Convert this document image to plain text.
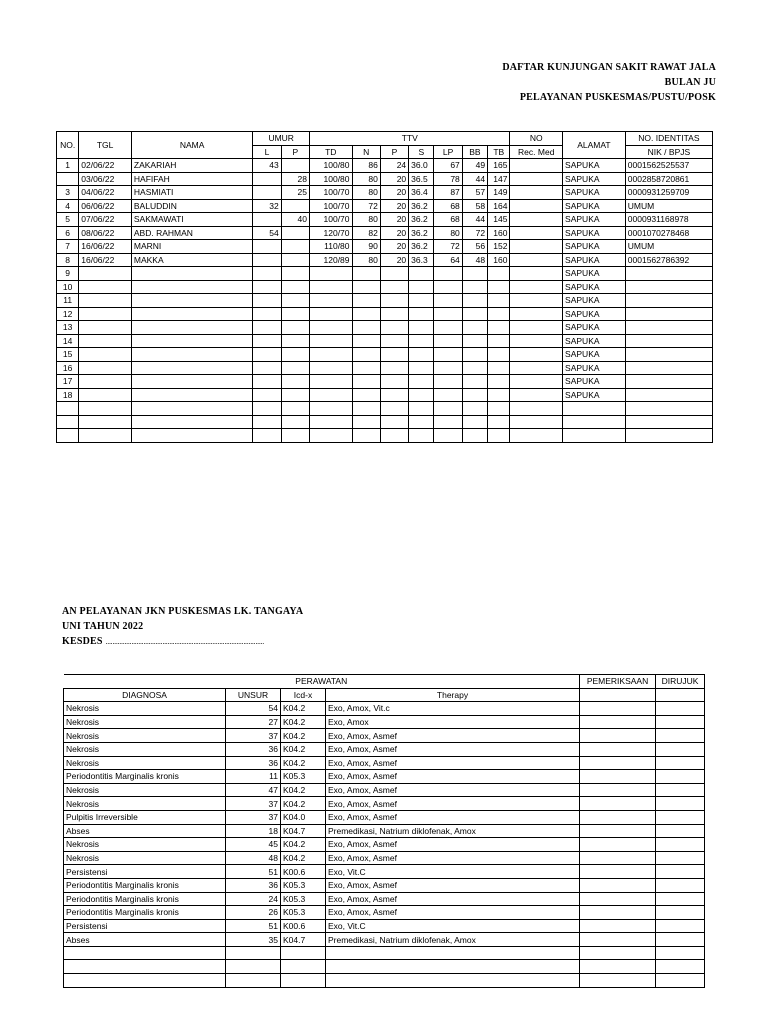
DAFTAR KUNJUNGAN SAKIT RAWAT JALA
BULAN JU
PELAYANAN PUSKESMAS/PUSTU/POSK
NO.	TGL	NAMA	UMUR		TTV							NO	ALAMAT	NO. IDENTITAS
			L	P	TD	N	P	S	LP	BB	TB	Rec. Med		NIK / BPJS
1	02/06/22	ZAKARIAH	43		100/80	86	24	36.0	67	49	165		SAPUKA	0001562525537
	03/06/22	HAFIFAH		28	100/80	80	20	36.5	78	44	147		SAPUKA	0002858720861
3	04/06/22	HASMIATI		25	100/70	80	20	36.4	87	57	149		SAPUKA	0000931259709
4	06/06/22	BALUDDIN	32		100/70	72	20	36.2	68	58	164		SAPUKA	UMUM
5	07/06/22	SAKMAWATI		40	100/70	80	20	36.2	68	44	145		SAPUKA	0000931168978
6	08/06/22	ABD. RAHMAN	54		120/70	82	20	36.2	80	72	160		SAPUKA	0001070278468
7	16/06/22	MARNI			110/80	90	20	36.2	72	56	152		SAPUKA	UMUM
8	16/06/22	MAKKA			120/89	80	20	36.3	64	48	160		SAPUKA	0001562786392
9													SAPUKA	
10													SAPUKA	
11													SAPUKA	
12													SAPUKA	
13													SAPUKA	
14													SAPUKA	
15													SAPUKA	
16													SAPUKA	
17													SAPUKA	
18													SAPUKA	

AN PELAYANAN JKN PUSKESMAS LK. TANGAYA
UNI TAHUN 2022
KESDES ............................................................................................
PERAWATAN				PEMERIKSAAN	DIRUJUK
DIAGNOSA	UNSUR	Icd-x	Therapy		
Nekrosis	54	K04.2	Exo, Amox, Vit.c		
Nekrosis	27	K04.2	Exo, Amox		
Nekrosis	37	K04.2	Exo, Amox, Asmef		
Nekrosis	36	K04.2	Exo, Amox, Asmef		
Nekrosis	36	K04.2	Exo, Amox, Asmef		
Periodontitis Marginalis kronis	11	K05.3	Exo, Amox, Asmef		
Nekrosis	47	K04.2	Exo, Amox, Asmef		
Nekrosis	37	K04.2	Exo, Amox, Asmef		
Pulpitis Irreversible	37	K04.0	Exo, Amox, Asmef		
Abses	18	K04.7	Premedikasi, Natrium diklofenak, Amox		
Nekrosis	45	K04.2	Exo, Amox, Asmef		
Nekrosis	48	K04.2	Exo, Amox, Asmef		
Persistensi	51	K00.6	Exo, Vit.C		
Periodontitis Marginalis kronis	36	K05.3	Exo, Amox, Asmef		
Periodontitis Marginalis kronis	24	K05.3	Exo, Amox, Asmef		
Periodontitis Marginalis kronis	26	K05.3	Exo, Amox, Asmef		
Persistensi	51	K00.6	Exo, Vit.C		
Abses	35	K04.7	Premedikasi, Natrium diklofenak, Amox		
